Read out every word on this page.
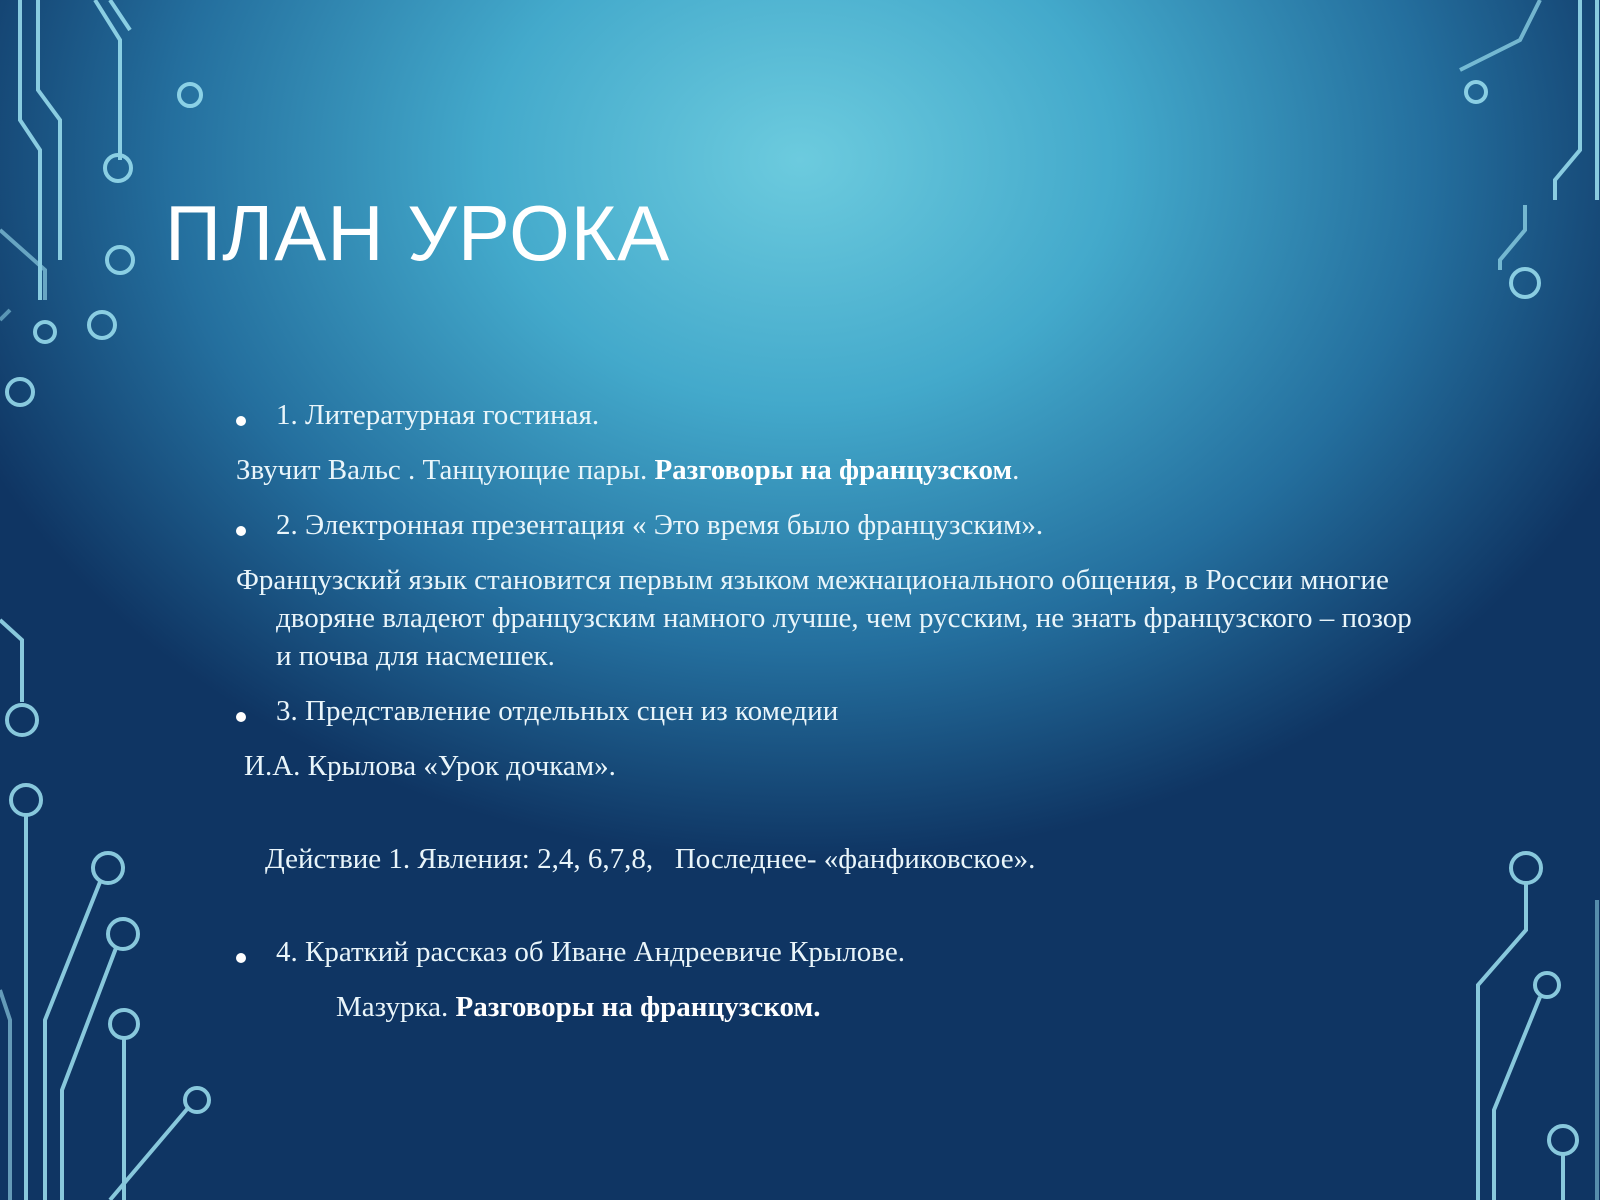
ПЛАН УРОКА

1. Литературная гостиная.

Звучит Вальс . Танцующие пары. Разговоры на французском.

2. Электронная презентация « Это время было французским».

Французский язык становится первым языком межнационального общения, в России многие дворяне владеют французским намного лучше, чем русским, не знать французского – позор и почва для насмешек.

3. Представление отдельных сцен из комедии

И.А. Крылова «Урок дочкам».

Действие 1. Явления: 2,4, 6,7,8,   Последнее- «фанфиковское».

4. Краткий рассказ об Иване Андреевиче Крылове.

Мазурка. Разговоры на французском.
